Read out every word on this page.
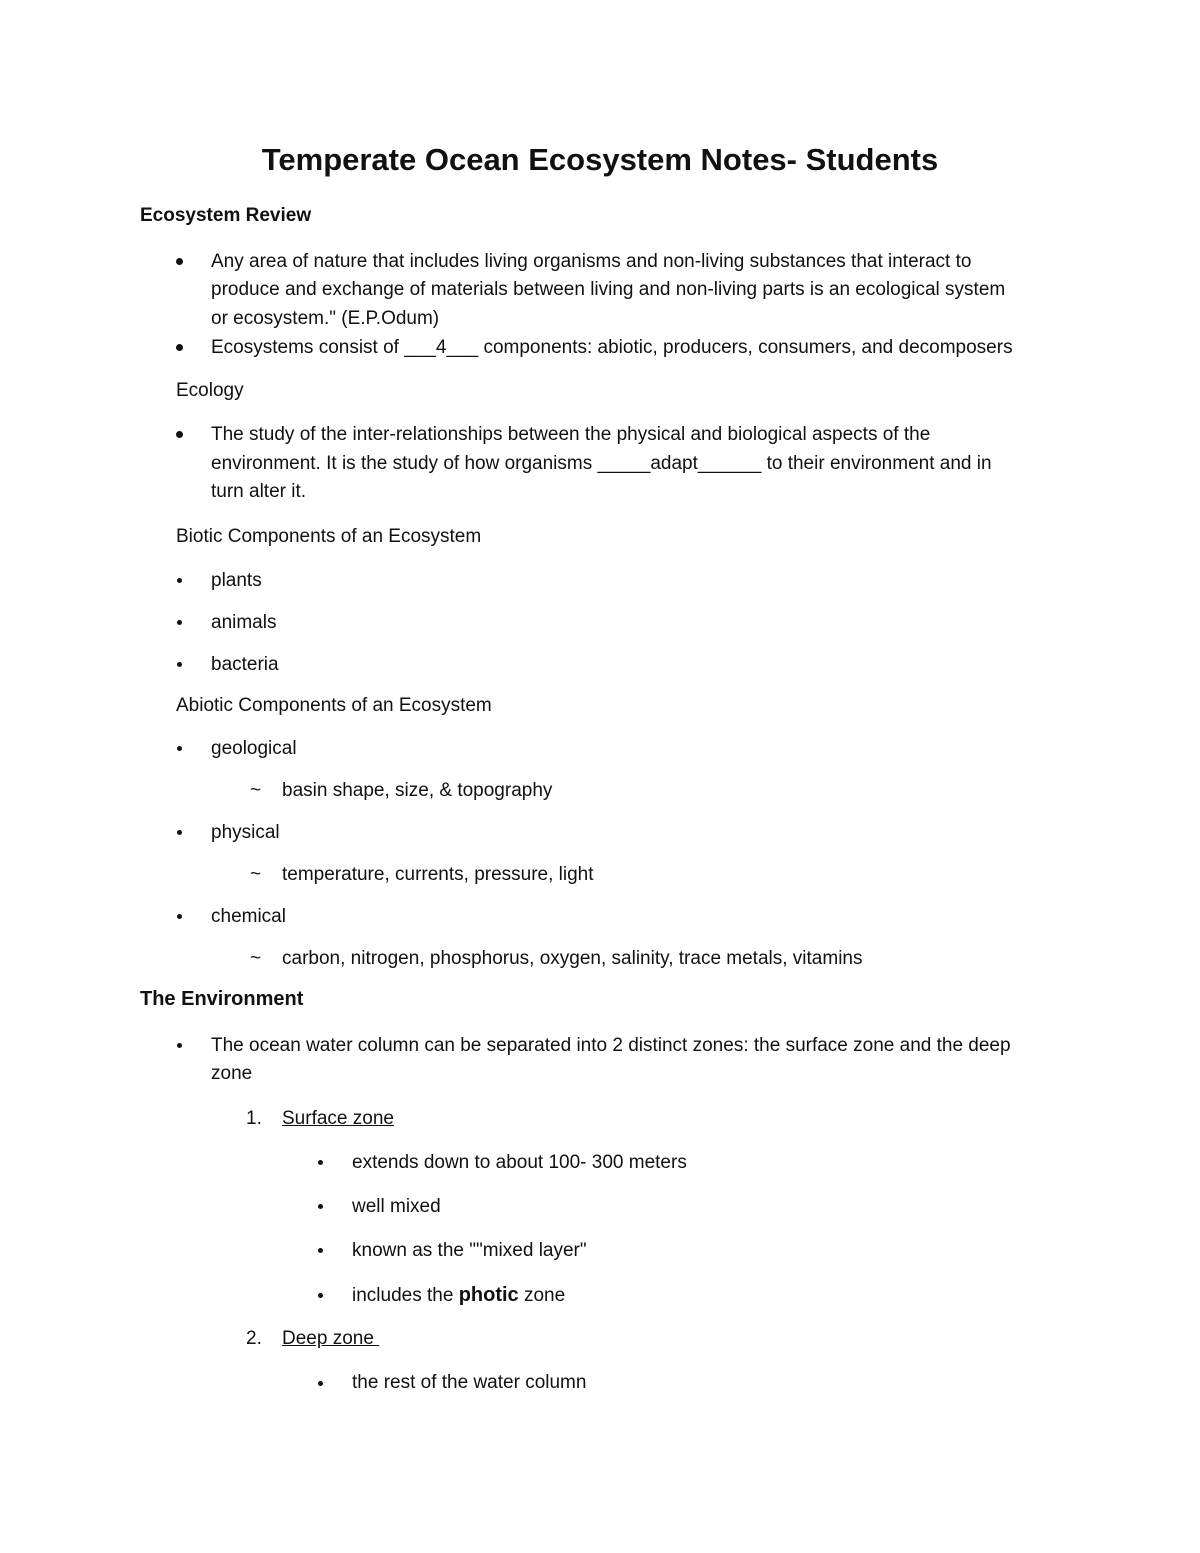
Temperate Ocean Ecosystem Notes- Students
Ecosystem Review
Any area of nature that includes living organisms and non-living substances that interact to
produce and exchange of materials between living and non-living parts is an ecological system
or ecosystem." (E.P.Odum)
Ecosystems consist of ___4___ components: abiotic, producers, consumers, and decomposers
Ecology
The study of the inter-relationships between the physical and biological aspects of the
environment. It is the study of how organisms _____adapt______ to their environment and in
turn alter it.
Biotic Components of an Ecosystem
plants
animals
bacteria
Abiotic Components of an Ecosystem
geological
~ basin shape, size, & topography
physical
~ temperature, currents, pressure, light
chemical
~ carbon, nitrogen, phosphorus, oxygen, salinity, trace metals, vitamins
The Environment
The ocean water column can be separated into 2 distinct zones: the surface zone and the deep
zone
1. Surface zone
extends down to about 100- 300 meters
well mixed
known as the ""mixed layer"
includes the photic zone
2. Deep zone
the rest of the water column
